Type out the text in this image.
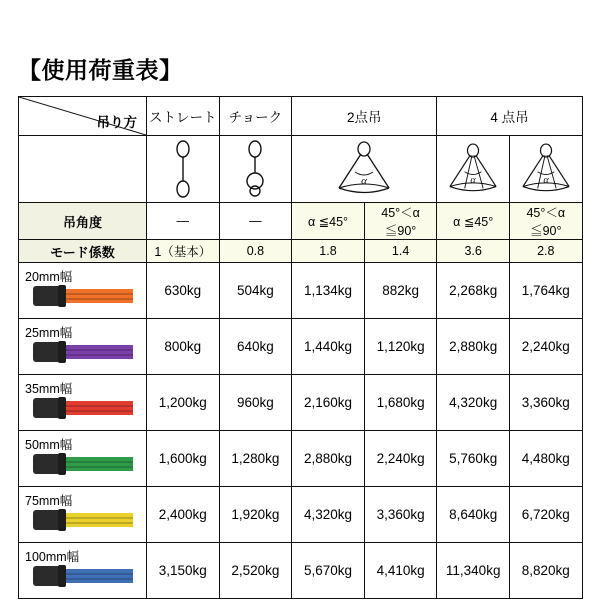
【使用荷重表】
吊り方	ストレート	チョーク	2点吊		4 点吊	

α		α	α

吊角度	—	—	α ≦45°	45°＜α ≦90°	α ≦45°	45°＜α ≦90°
モード係数	1（基本）	0.8	1.8	1.4	3.6	2.8

20mm幅	630kg	504kg	1,134kg	882kg	2,268kg	1,764kg

25mm幅	800kg	640kg	1,440kg	1,120kg	2,880kg	2,240kg

35mm幅	1,200kg	960kg	2,160kg	1,680kg	4,320kg	3,360kg

50mm幅	1,600kg	1,280kg	2,880kg	2,240kg	5,760kg	4,480kg

75mm幅	2,400kg	1,920kg	4,320kg	3,360kg	8,640kg	6,720kg

100mm幅	3,150kg	2,520kg	5,670kg	4,410kg	11,340kg	8,820kg
